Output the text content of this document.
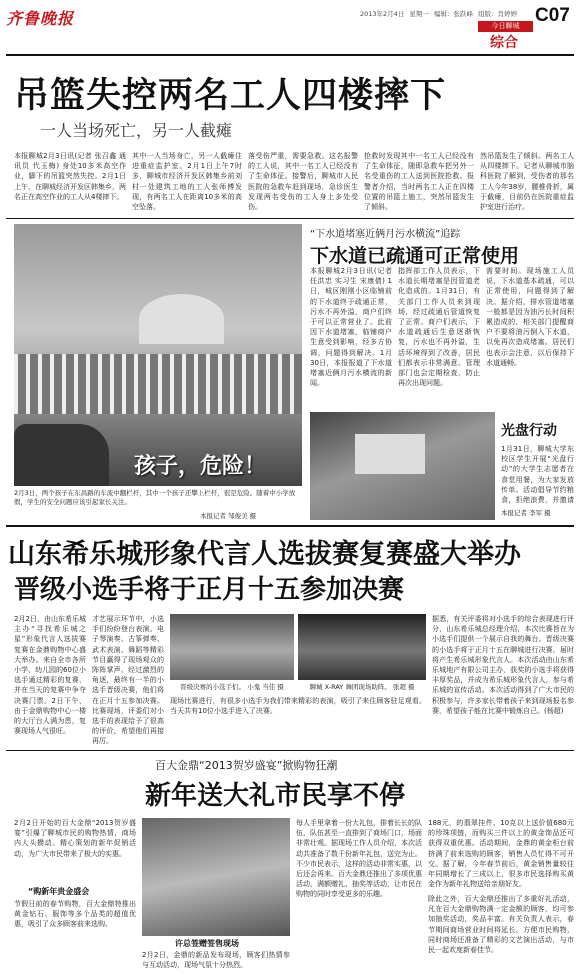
齐鲁晚报	2013年2月4日 星期一 编辑：张跃峰 组版：肖婷婷 C07
今日聊城
综合
吊篮失控两名工人四楼摔下
一人当场死亡，另一人截瘫
本报聊城2月3日讯(记者 张召鑫 通讯员 代玉梅) 身处10多米高空作业，脚下的吊篮突然失控。2月1日上午，在聊城经济开发区韩集乡，两名正在高空作业的工人从4楼摔下。
其中一人当场身亡，另一人截瘫住进重症监护室。2月1日上午7时多，聊城市经济开发区韩集乡前刘村一处建筑工地的工人张师傅发现，有两名工人在距离10多米的高空坠落。
落受伤严重，需要急救。这名报警的工人说，其中一名工人已经没有了生命体征。接警后，聊城市人民医院的急救车赶到现场，急诊医生发现两名受伤的工人身上多处受伤。
抢救时发现其中一名工人已经没有了生命体征，随即急救车把另外一名受重伤的工人送到医院抢救。报警者介绍，当时两名工人正在四楼位置的吊篮上施工，突然吊篮发生了倾斜。
然吊篮发生了倾斜。两名工人从四楼摔下。记者从聊城市脑科医院了解到，受伤者的那名工人今年38岁，腰椎骨折，属于截瘫，目前仍在医院重症监护室进行治疗。
孩子，危险！
2月3日，两个孩子在东昌路的车流中翻栏杆，其中一个孩子还攀上栏杆，很是危险。随着中小学放假，学生的安全问题应该引起家长关注。
本报记者 邹俊美 摄
“下水道堵塞近俩月污水横流”追踪
下水道已疏通可正常使用
本报聊城2月3日讯(记者 任洪忠 实习生 宋康倩) 1日，城区刚刚小区临铺前的下水道终于疏通正常，污水不再外溢，商户们终于可以正常营业了。此前因下水道堵塞，临铺商户生意受到影响，经多方协调，问题得到解决。1月30日，本报报道了下水道堵塞近俩月污水横流的新闻。
指挥部工作人员表示，下水道长期堵塞是因管道老化造成的。1月31日，有关部门工作人员来到现场，经过疏通后管道恢复了正常。商户们表示，下水道疏通后生意逐渐恢复，污水也不再外溢，生活环境得到了改善，居民们都表示非常满意。管理部门也会定期检查，防止再次出现问题。
需要时间。现场施工人员说，下水道基本疏通，可以正常使用，问题得到了解决。据介绍，排水管道堵塞一般都是因为油污长时间积累造成的，相关部门提醒商户不要将油污倒入下水道，以免再次造成堵塞。居民们也表示会注意，以后保持下水道通畅。
光盘行动
1月31日，聊城大学东校区学生开展“光盘行动”的大学生志愿者在食堂用餐，为大家发放传单。活动倡导节约粮食，拒绝浪费，并邀请
本报记者 李军 摄
山东希乐城形象代言人选拔赛复赛盛大举办
晋级小选手将于正月十五参加决赛
2月2日，由山东希乐城主办“寻找希乐城之星”形象代言人选拔赛复赛在金鼎购物中心盛大举办。来自全市各所小学、幼儿园的60位小选手通过精彩的复赛，并在当天的复赛中争夺决赛门票。2日下午，由于金鼎购物中心一楼的大厅台人满为患，复赛现场人气很旺。
才艺展示环节中，小选手们纷纷登台表演。电子琴演奏、古筝弹奏、武术表演、舞蹈等精彩节目赢得了现场观众的阵阵掌声。经过激烈的角逐，最终有一半的小选手晋级决赛，他们将在正月十五参加决赛。比赛现场，评委们对小选手的表现给予了很高的评价，希望他们再接再厉。
晋级决赛的小选手们。 小鬼 当佳 摄	聊城 X-RAY 舞团现场助阵。 张超 摄
现场比赛进行，有很多小选手为我们带来精彩的表演，吸引了来往顾客驻足观看。当天共有10位小选手进入了决赛。
据悉，有关评委将对小选手的综合表现进行评分，山东希乐城总经理介绍，本次比赛旨在为小选手们提供一个展示自我的舞台。晋级决赛的小选手将于正月十五在聊城进行决赛，届时将产生希乐城形象代言人。本次活动由山东希乐城地产有限公司主办，获奖的小选手将获得丰厚奖品，并成为希乐城形象代言人，参与希乐城的宣传活动。本次活动得到了广大市民的积极参与，许多家长带着孩子来到现场报名参赛，希望孩子能在比赛中锻炼自己。(杨超)
百大金鼎“2013贺岁盛宴”掀购物狂潮
新年送大礼市民享不停
2月2日开始的百大金鼎“2013贺岁盛宴”引爆了聊城市民的购物热情，商场内人头攒动。精心策划的新年促销活动，为广大市民带来了极大的实惠。
“购新年贵金盛会
节假日前的春节购物，百大金鼎特推出黄金钻石、服饰等多个品类的超值优惠，吸引了众多顾客前来选购。
许总签赠签售现场
2月2日，金鼎的新品发布现场，顾客们热情参与互动活动，现场气氛十分热烈。
每人手里拿着一份大礼包，排着长长的队伍，队伍甚至一直排到了商场门口，场面非常壮观。据现场工作人员介绍，本次活动共准备了数千份新年礼包，送完为止。不少市民表示，这样的活动非常实惠，以后还会再来。百大金鼎还推出了多项优惠活动，满额赠礼、抽奖等活动，让市民在购物的同时享受更多的乐趣。
188元，的翡翠挂件、10克以上送价值680元的珍珠项链，而购买三件以上的黄金饰品还可获得双重优惠。活动期间，金鼎的黄金柜台前挤满了前来选购的顾客，销售人员忙得不可开交。据了解，今年春节前后，黄金销售量较往年同期增长了三成以上，很多市民选择购买黄金作为新年礼物送给亲朋好友。
除此之外，百大金鼎还推出了多重好礼活动，凡在百大金鼎购物满一定金额的顾客，均可参加抽奖活动，奖品丰富。有关负责人表示，春节期间商场营业时间将延长，方便市民购物，同时商场还准备了精彩的文艺演出活动，与市民一起欢度新春佳节。
